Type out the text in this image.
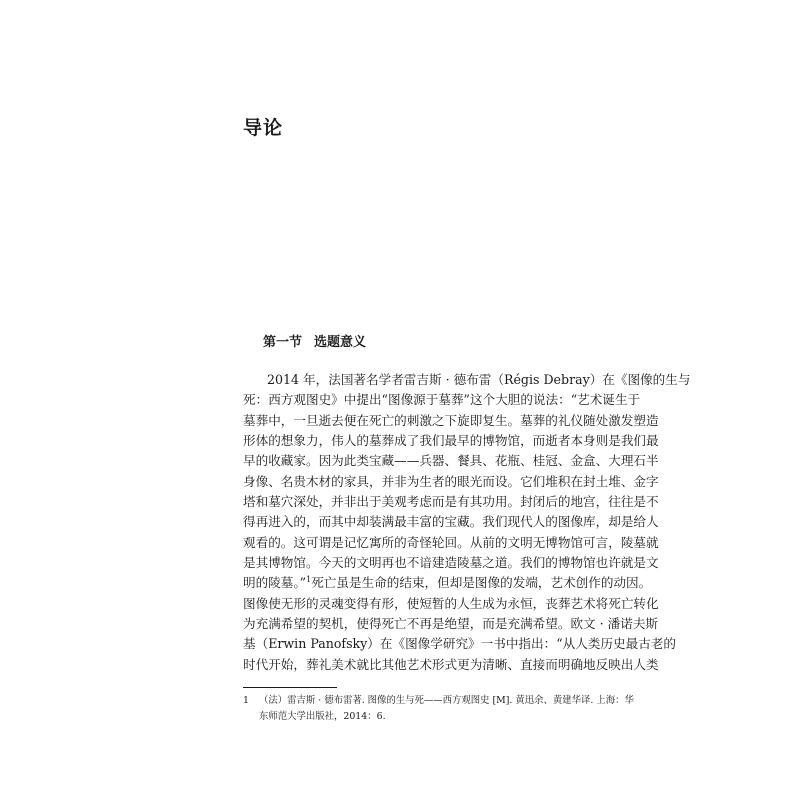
导论
第一节 选题意义
2014 年，法国著名学者雷吉斯 · 德布雷（Régis Debray）在《图像的生与
死：西方观图史》中提出“图像源于墓葬”这个大胆的说法：“艺术诞生于
墓葬中，一旦逝去便在死亡的刺激之下旋即复生。墓葬的礼仪随处激发塑造
形体的想象力，伟人的墓葬成了我们最早的博物馆，而逝者本身则是我们最
早的收藏家。因为此类宝藏——兵器、餐具、花瓶、桂冠、金盒、大理石半
身像、名贵木材的家具，并非为生者的眼光而设。它们堆积在封土堆、金字
塔和墓穴深处，并非出于美观考虑而是有其功用。封闭后的地宫，往往是不
得再进入的，而其中却装满最丰富的宝藏。我们现代人的图像库，却是给人
观看的。这可谓是记忆寓所的奇怪轮回。从前的文明无博物馆可言，陵墓就
是其博物馆。今天的文明再也不谙建造陵墓之道。我们的博物馆也许就是文
明的陵墓。”$^1$死亡虽是生命的结束，但却是图像的发端，艺术创作的动因。
图像使无形的灵魂变得有形，使短暂的人生成为永恒，丧葬艺术将死亡转化
为充满希望的契机，使得死亡不再是绝望，而是充满希望。欧文 · 潘诺夫斯
基（Erwin Panofsky）在《图像学研究》一书中指出：“从人类历史最古老的
时代开始，葬礼美术就比其他艺术形式更为清晰、直接而明确地反映出人类
1 （法）雷吉斯 · 德布雷著. 图像的生与死——西方观图史 [M]. 黄迅余、黄建华译. 上海：华
东师范大学出版社，2014：6.
